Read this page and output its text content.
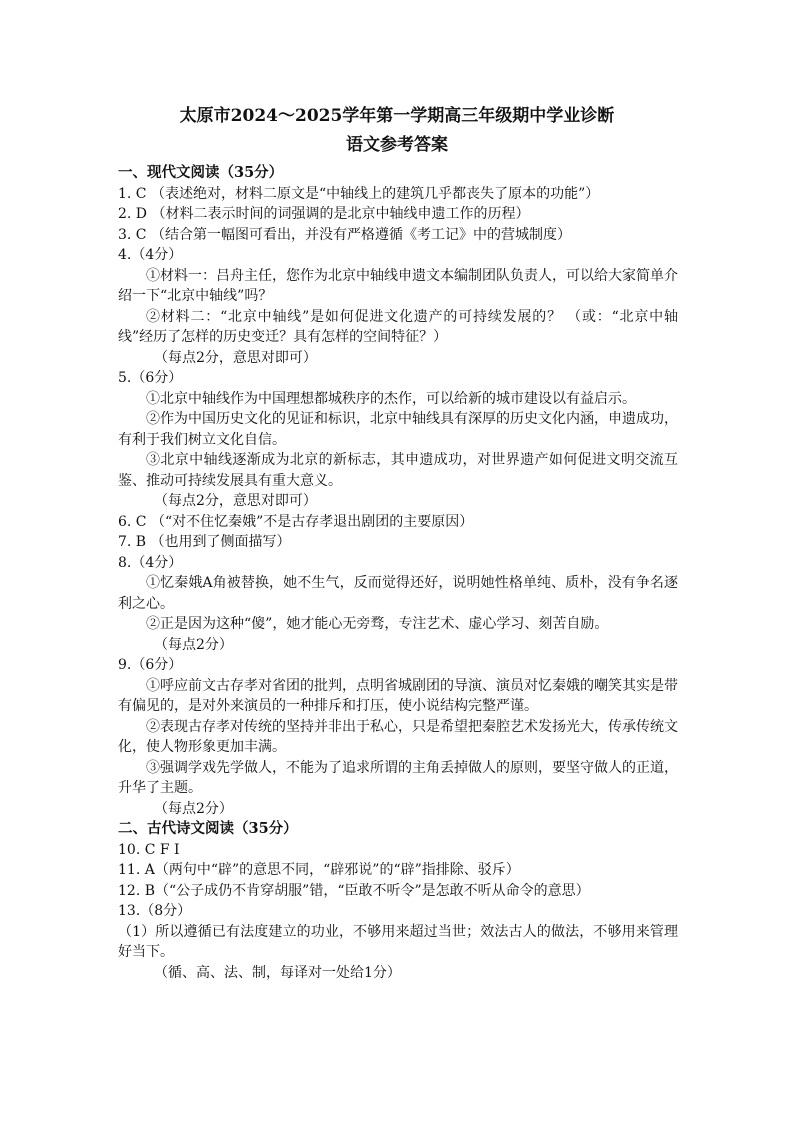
太原市2024～2025学年第一学期高三年级期中学业诊断
语文参考答案

一、现代文阅读（35分）

1. C （表述绝对，材料二原文是“中轴线上的建筑几乎都丧失了原本的功能”）

2. D （材料二表示时间的词强调的是北京中轴线申遗工作的历程）

3. C （结合第一幅图可看出，并没有严格遵循《考工记》中的营城制度）

4.（4分）

①材料一：吕舟主任，您作为北京中轴线申遗文本编制团队负责人，可以给大家简单介绍一下“北京中轴线”吗？

②材料二：“北京中轴线”是如何促进文化遗产的可持续发展的？ （或：“北京中轴线”经历了怎样的历史变迁？具有怎样的空间特征？）

（每点2分，意思对即可）

5.（6分）

①北京中轴线作为中国理想都城秩序的杰作，可以给新的城市建设以有益启示。

②作为中国历史文化的见证和标识，北京中轴线具有深厚的历史文化内涵，申遗成功，有利于我们树立文化自信。

③北京中轴线逐渐成为北京的新标志，其申遗成功，对世界遗产如何促进文明交流互鉴、推动可持续发展具有重大意义。

（每点2分，意思对即可）

6. C （“对不住忆秦娥”不是古存孝退出剧团的主要原因）

7. B （也用到了侧面描写）

8.（4分）

①忆秦娥A角被替换，她不生气，反而觉得还好，说明她性格单纯、质朴，没有争名逐利之心。

②正是因为这种“傻”，她才能心无旁骛，专注艺术、虚心学习、刻苦自励。

（每点2分）

9.（6分）

①呼应前文古存孝对省团的批判，点明省城剧团的导演、演员对忆秦娥的嘲笑其实是带有偏见的，是对外来演员的一种排斥和打压，使小说结构完整严谨。

②表现古存孝对传统的坚持并非出于私心，只是希望把秦腔艺术发扬光大，传承传统文化，使人物形象更加丰满。

③强调学戏先学做人，不能为了追求所谓的主角丢掉做人的原则，要坚守做人的正道，升华了主题。

（每点2分）

二、古代诗文阅读（35分）

10. C F I

11. A（两句中“辟”的意思不同，“辟邪说”的“辟”指排除、驳斥）

12. B（“公子成仍不肯穿胡服”错，“臣敢不听令”是怎敢不听从命令的意思）

13.（8分）

（1）所以遵循已有法度建立的功业，不够用来超过当世；效法古人的做法，不够用来管理好当下。

（循、高、法、制，每译对一处给1分）
